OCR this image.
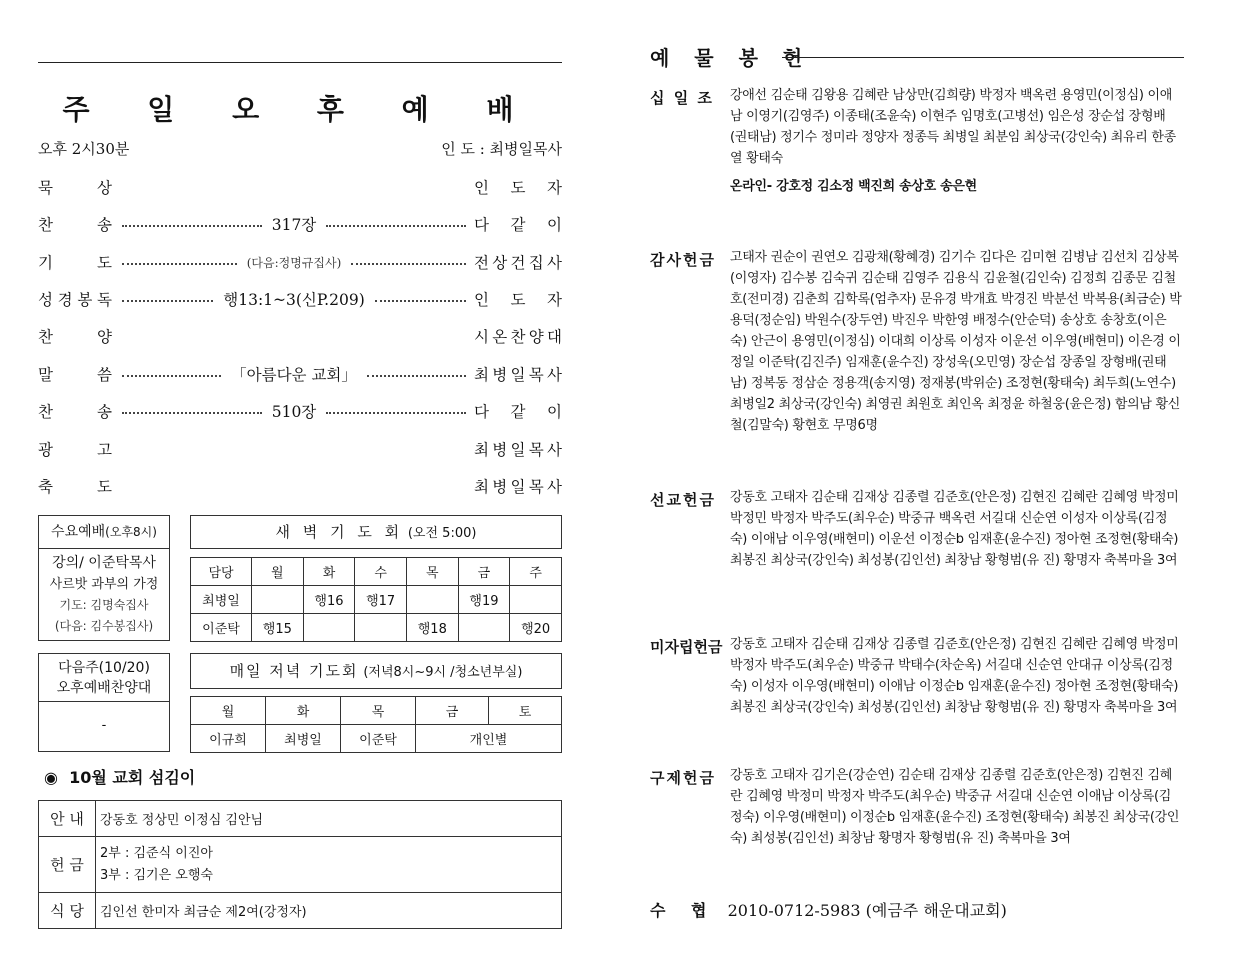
주 일 오 후 예 배
오후 2시30분	인 도 : 최병일목사
묵	상	인 도 자
찬	송	317장	다 같 이
기	도	(다음:정명규집사)	전 상 건 집 사
성 경 봉 독	행13:1~3(신P.209)	인 도 자
찬	양	시 온 찬 양 대
말	씀	「아름다운 교회」	최 병 일 목 사
찬	송	510장	다 같 이
광	고	최 병 일 목 사
축	도	최 병 일 목 사
수요예배(오후8시)
강의/ 이준탁목사
사르밧 과부의 가정
기도: 김명숙집사
(다음: 김수봉집사)
새 벽 기 도 회 (오전 5:00)
담당	월	화	수	목	금	주
최병일		행16	행17		행19	
이준탁	행15			행18		행20
다음주(10/20)
오후예배찬양대
-
매일 저녁 기도회 (저녁8시~9시 /청소년부실)
월	화	목	금	토
이규희	최병일	이준탁	개인별	
◉ 10월 교회 섬김이
안 내	강동호 정상민 이정심 김안님
헌 금	2부 : 김준식 이진아
3부 : 김기은 오행숙

식 당	김인선 한미자 최금순 제2여(강정자)
예 물 봉 헌
십 일 조 강애선 김순태 김왕용 김혜란 남상만(김희량) 박정자 백옥련 용영민(이정심) 이애남 이영기(김영주) 이종태(조윤숙) 이현주 임명호(고병선) 임은성 장순섭 장형배(권태남) 정기수 정미라 정양자 정종득 최병일 최분임 최상국(강인숙) 최유리 한종열 황태숙
온라인- 강호정 김소정 백진희 송상호 송은현
감사헌금 고태자 권순이 권연오 김광채(황혜경) 김기수 김다은 김미현 김병남 김선치 김상복(이영자) 김수봉 김숙귀 김순태 김영주 김용식 김윤철(김인숙) 김정희 김종문 김철호(전미경) 김춘희 김학록(엄추자) 문유경 박개효 박경진 박분선 박복용(최금순) 박용덕(정순임) 박원수(장두연) 박진우 박한영 배정수(안순덕) 송상호 송창호(이은숙) 안근이 용영민(이정심) 이대희 이상록 이성자 이운선 이우영(배현미) 이은경 이정일 이준탁(김진주) 임재훈(윤수진) 장성욱(오민영) 장순섭 장종일 장형배(권태남) 정복동 정삼순 정용객(송지영) 정재봉(박위순) 조정현(황태숙) 최두희(노연수) 최병일2 최상국(강인숙) 최영권 최원호 최인옥 최정윤 하철웅(윤은정) 함의남 황신철(김말숙) 황현호 무명6명
선교헌금 강동호 고태자 김순태 김재상 김종렬 김준호(안은정) 김현진 김혜란 김혜영 박정미 박정민 박정자 박주도(최우순) 박중규 백옥련 서길대 신순연 이성자 이상록(김정숙) 이애남 이우영(배현미) 이운선 이정순b 임재훈(윤수진) 정아현 조정현(황태숙) 최봉진 최상국(강인숙) 최성봉(김인선) 최창남 황형범(유 진) 황명자 축복마을 3여
미자립헌금 강동호 고태자 김순태 김재상 김종렬 김준호(안은정) 김현진 김혜란 김혜영 박정미 박정자 박주도(최우순) 박중규 박태수(차순옥) 서길대 신순연 안대규 이상록(김정숙) 이성자 이우영(배현미) 이애남 이정순b 임재훈(윤수진) 정아현 조정현(황태숙) 최봉진 최상국(강인숙) 최성봉(김인선) 최창남 황형범(유 진) 황명자 축복마을 3여
구제헌금 강동호 고태자 김기은(강순연) 김순태 김재상 김종렬 김준호(안은정) 김현진 김혜란 김혜영 박정미 박정자 박주도(최우순) 박중규 서길대 신순연 이애남 이상록(김정숙) 이우영(배현미) 이정순b 임재훈(윤수진) 조정현(황태숙) 최봉진 최상국(강인숙) 최성봉(김인선) 최창남 황명자 황형범(유 진) 축복마을 3여
수 협 2010-0712-5983 (예금주 해운대교회)
